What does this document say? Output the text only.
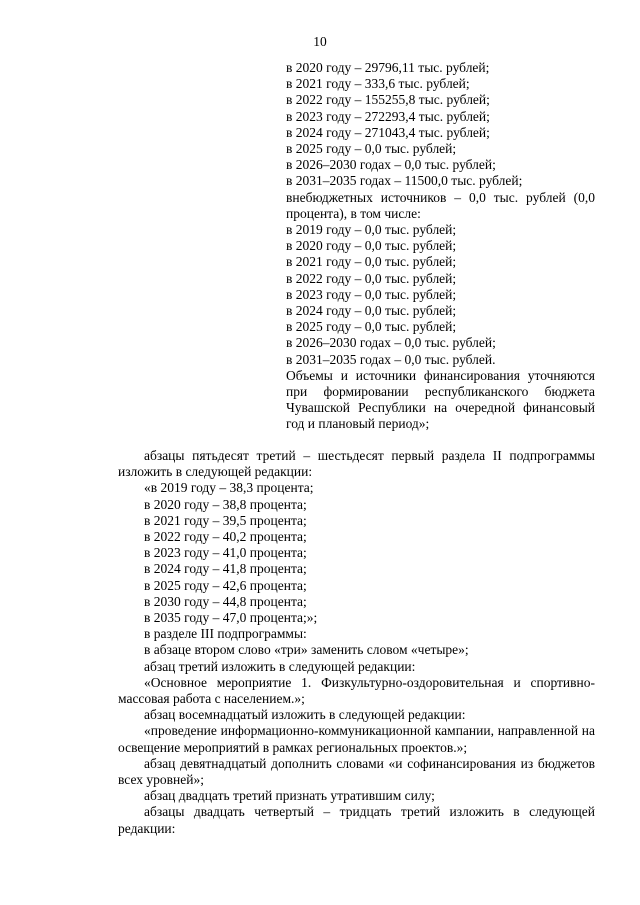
10
в 2020 году – 29796,11 тыс. рублей;
в 2021 году – 333,6 тыс. рублей;
в 2022 году – 155255,8 тыс. рублей;
в 2023 году – 272293,4 тыс. рублей;
в 2024 году – 271043,4 тыс. рублей;
в 2025 году – 0,0 тыс. рублей;
в 2026–2030 годах – 0,0 тыс. рублей;
в 2031–2035 годах – 11500,0 тыс. рублей;
внебюджетных источников – 0,0 тыс. рублей (0,0 процента), в том числе:
в 2019 году – 0,0 тыс. рублей;
в 2020 году – 0,0 тыс. рублей;
в 2021 году – 0,0 тыс. рублей;
в 2022 году – 0,0 тыс. рублей;
в 2023 году – 0,0 тыс. рублей;
в 2024 году – 0,0 тыс. рублей;
в 2025 году – 0,0 тыс. рублей;
в 2026–2030 годах – 0,0 тыс. рублей;
в 2031–2035 годах – 0,0 тыс. рублей.
Объемы и источники финансирования уточняются при формировании республиканского бюджета Чувашской Республики на очередной финансовый год и плановый период»;

абзацы пятьдесят третий – шестьдесят первый раздела II подпрограммы изложить в следующей редакции:

«в 2019 году – 38,3 процента;
в 2020 году – 38,8 процента;
в 2021 году – 39,5 процента;
в 2022 году – 40,2 процента;
в 2023 году – 41,0 процента;
в 2024 году – 41,8 процента;
в 2025 году – 42,6 процента;
в 2030 году – 44,8 процента;
в 2035 году – 47,0 процента;»;

в разделе III подпрограммы:

в абзаце втором слово «три» заменить словом «четыре»;

абзац третий изложить в следующей редакции:

«Основное мероприятие 1. Физкультурно-оздоровительная и спортивно-массовая работа с населением.»;

абзац восемнадцатый изложить в следующей редакции:

«проведение информационно-коммуникационной кампании, направленной на освещение мероприятий в рамках региональных проектов.»;

абзац девятнадцатый дополнить словами «и софинансирования из бюджетов всех уровней»;

абзац двадцать третий признать утратившим силу;

абзацы двадцать четвертый – тридцать третий изложить в следующей редакции:
